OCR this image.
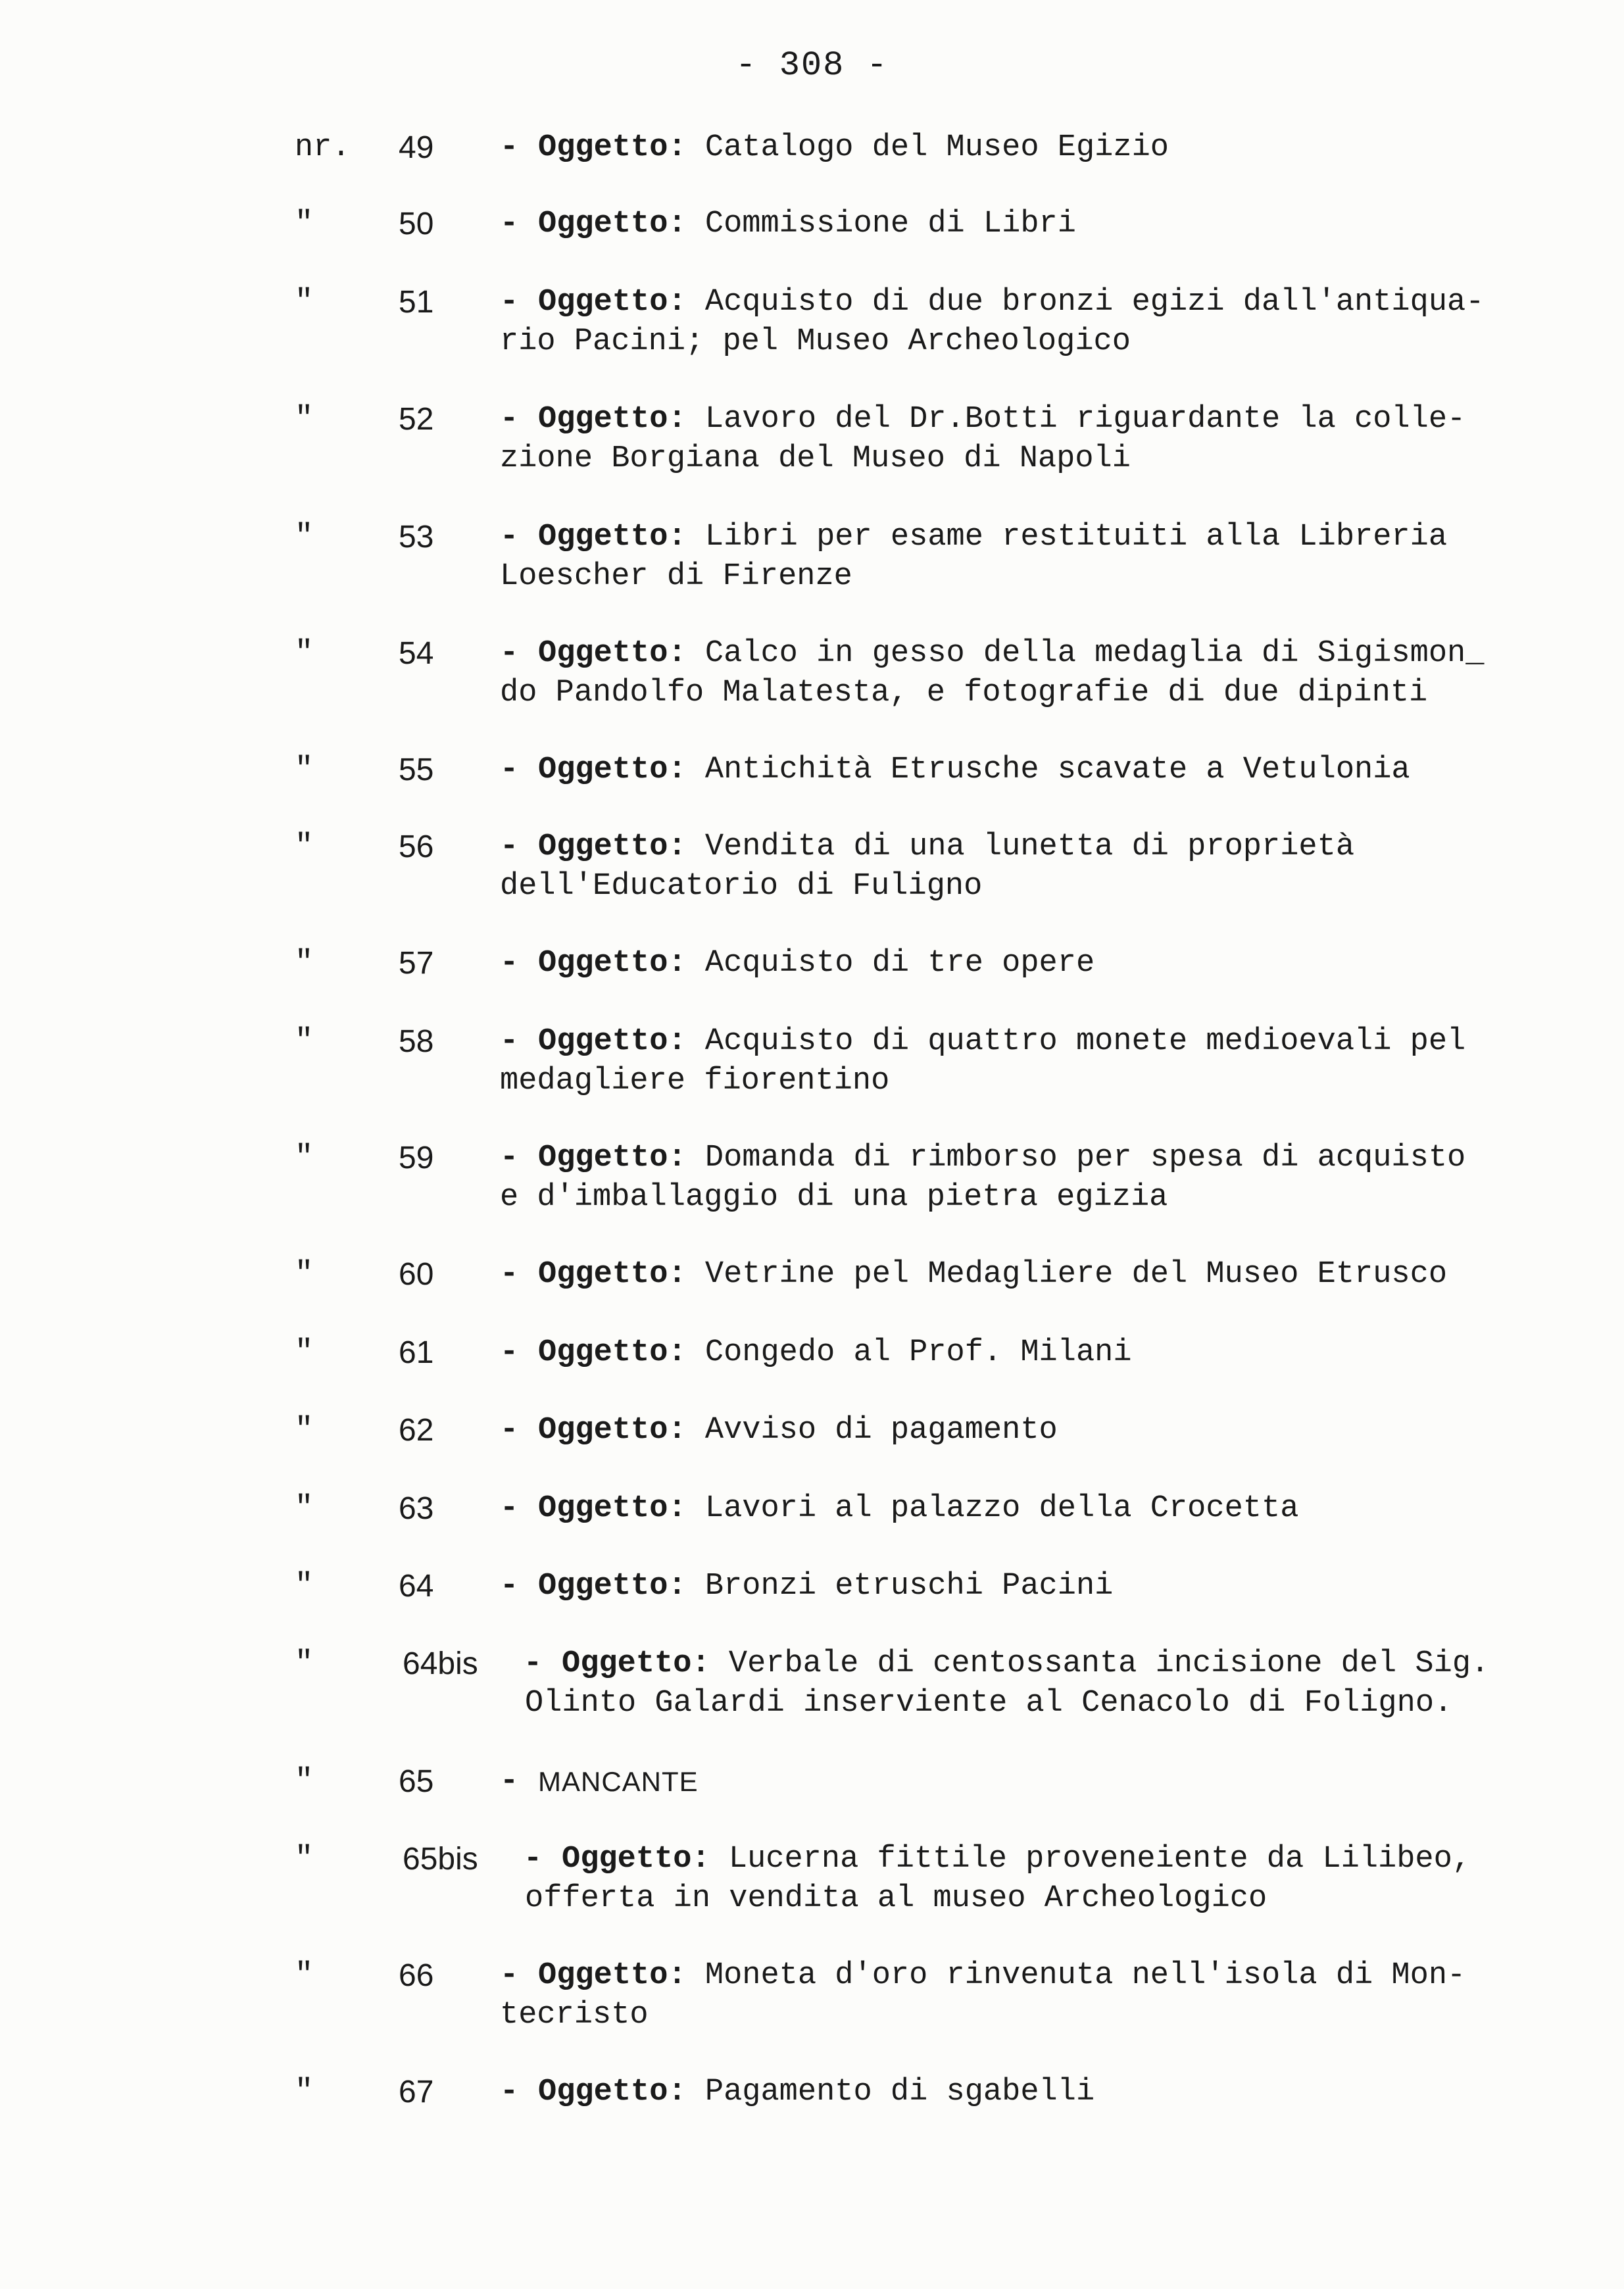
- 308 -
nr. 49 - Oggetto: Catalogo del Museo Egizio
"	50 - Oggetto: Commissione di Libri
"	51 - Oggetto: Acquisto di due bronzi egizi dall'antiqua-
rio Pacini; pel Museo Archeologico
"	52 - Oggetto: Lavoro del Dr.Botti riguardante la colle-
zione Borgiana del Museo di Napoli
"	53 - Oggetto: Libri per esame restituiti alla Libreria
Loescher di Firenze
"	54 - Oggetto: Calco in gesso della medaglia di Sigismon_
do Pandolfo Malatesta, e fotografie di due dipinti
"	55 - Oggetto: Antichità Etrusche scavate a Vetulonia
"	56 - Oggetto: Vendita di una lunetta di proprietà
dell'Educatorio di Fuligno
"	57 - Oggetto: Acquisto di tre opere
"	58 - Oggetto: Acquisto di quattro monete medioevali pel
medagliere fiorentino
"	59 - Oggetto: Domanda di rimborso per spesa di acquisto
e d'imballaggio di una pietra egizia
"	60 - Oggetto: Vetrine pel Medagliere del Museo Etrusco
"	61 - Oggetto: Congedo al Prof. Milani
"	62 - Oggetto: Avviso di pagamento
"	63 - Oggetto: Lavori al palazzo della Crocetta
"	64 - Oggetto: Bronzi etruschi Pacini
"	64bis - Oggetto: Verbale di centossanta incisione del Sig.
Olinto Galardi inserviente al Cenacolo di Foligno.
"	65 - MANCANTE
"	65bis - Oggetto: Lucerna fittile proveneiente da Lilibeo,
offerta in vendita al museo Archeologico
"	66 - Oggetto: Moneta d'oro rinvenuta nell'isola di Mon-
tecristo
"	67 - Oggetto: Pagamento di sgabelli
